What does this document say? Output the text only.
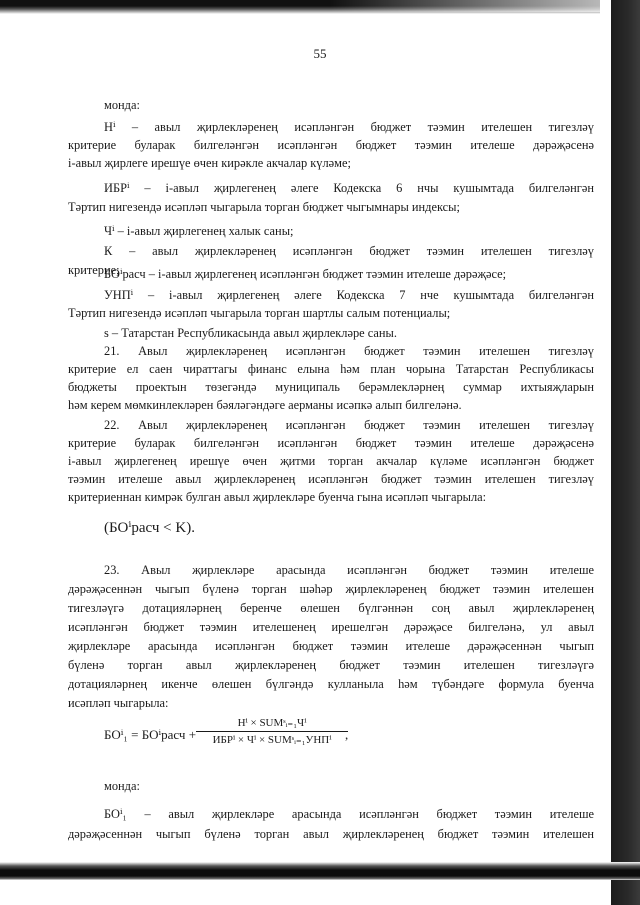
55
монда:
Hⁱ – авыл җирлекләренең исәпләнгән бюджет тәэмин ителешен тигезләү
критерие буларак билгеләнгән исәпләнгән бюджет тәэмин ителеше дәрәҗәсенә
i-авыл җирлеге ирешүе өчен кирәкле акчалар күләме;
ИБРⁱ – i-авыл җирлегенең әлеге Кодекска 6 нчы кушымтада билгеләнгән
Тәртип нигезендә исәпләп чыгарыла торган бюджет чыгымнары индексы;
Чⁱ – i-авыл җирлегенең халык саны;
К – авыл җирлекләренең исәпләнгән бюджет тәэмин ителешен тигезләү
критерие;
БОⁱрасч – i-авыл җирлегенең исәпләнгән бюджет тәэмин ителеше дәрәҗәсе;
УНПⁱ – i-авыл җирлегенең әлеге Кодекска 7 нче кушымтада билгеләнгән
Тәртип нигезендә исәпләп чыгарыла торган шартлы салым потенциалы;
s – Татарстан Республикасында авыл җирлекләре саны.
21. Авыл җирлекләренең исәпләнгән бюджет тәэмин ителешен тигезләү
критерие ел саен чираттагы финанс елына һәм план чорына Татарстан Республикасы
бюджеты проектын төзегәндә муниципаль берәмлекләрнең суммар ихтыяҗларын
һәм керем мөмкинлекләрен бәяләгәндәге аерманы исәпкә алып билгеләнә.
22. Авыл җирлекләренең исәпләнгән бюджет тәэмин ителешен тигезләү
критерие буларак билгеләнгән исәпләнгән бюджет тәэмин ителеше дәрәҗәсенә
i-авыл җирлегенең ирешүе өчен җитми торган акчалар күләме исәпләнгән бюджет
тәэмин ителеше авыл җирлекләренең исәпләнгән бюджет тәэмин ителешен тигезләү
критериеннан кимрәк булган авыл җирлекләре буенча гына исәпләп чыгарыла:
(БОⁱрасч < K).
23. Авыл җирлекләре арасында исәпләнгән бюджет тәэмин ителеше
дәрәҗәсеннән чыгып бүленә торган шәһәр җирлекләренең бюджет тәэмин ителешен
тигезләүгә дотацияләрнең беренче өлешен бүлгәннән соң авыл җирлекләренең
исәпләнгән бюджет тәэмин ителешенең ирешелгән дәрәҗәсе билгеләнә, ул авыл
җирлекләре арасында исәпләнгән бюджет тәэмин ителеше дәрәҗәсеннән чыгып
бүленә торган авыл җирлекләренең бюджет тәэмин ителешен тигезләүгә
дотацияләрнең икенче өлешен бүлгәндә кулланыла һәм түбәндәге формула буенча
исәпләп чыгарыла:
БОⁱ₁ = БОⁱрасч +
Hⁱ × SUMˢᵢ₌₁Чⁱ
ИБРⁱ × Чⁱ × SUMˢᵢ₌₁УНПⁱ	,
монда:
БОⁱ₁ – авыл җирлекләре арасында исәпләнгән бюджет тәэмин ителеше
дәрәҗәсеннән чыгып бүленә торган авыл җирлекләренең бюджет тәэмин ителешен
